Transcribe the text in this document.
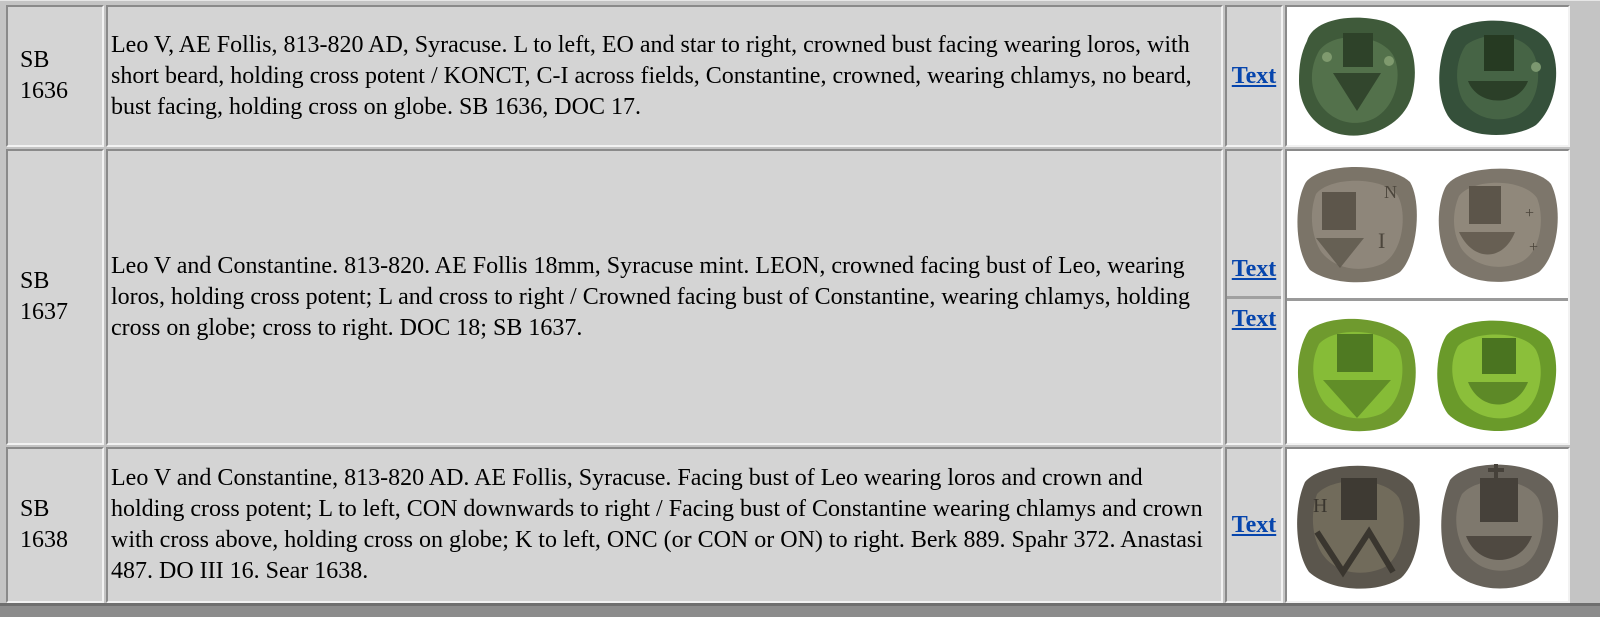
SB
1636
Leo V, AE Follis, 813-820 AD, Syracuse. L to left, EO and star to right, crowned bust facing wearing loros, with short beard, holding cross potent / KONCT, C-I across fields, Constantine, crowned, wearing chlamys, no beard, bust facing, holding cross on globe. SB 1636, DOC 17.
Text
SB
1637
Leo V and Constantine. 813-820. AE Follis 18mm, Syracuse mint. LEON, crowned facing bust of Leo, wearing loros, holding cross potent; L and cross to right / Crowned facing bust of Constantine, wearing chlamys, holding cross on globe; cross to right. DOC 18; SB 1637.
Text
Text
N
I
+
+
SB
1638
Leo V and Constantine, 813-820 AD. AE Follis, Syracuse. Facing bust of Leo wearing loros and crown and holding cross potent; L to left, CON downwards to right / Facing bust of Constantine wearing chlamys and crown with cross above, holding cross on globe; K to left, ONC (or CON or ON) to right. Berk 889. Spahr 372. Anastasi 487. DO III 16. Sear 1638.
Text
H
